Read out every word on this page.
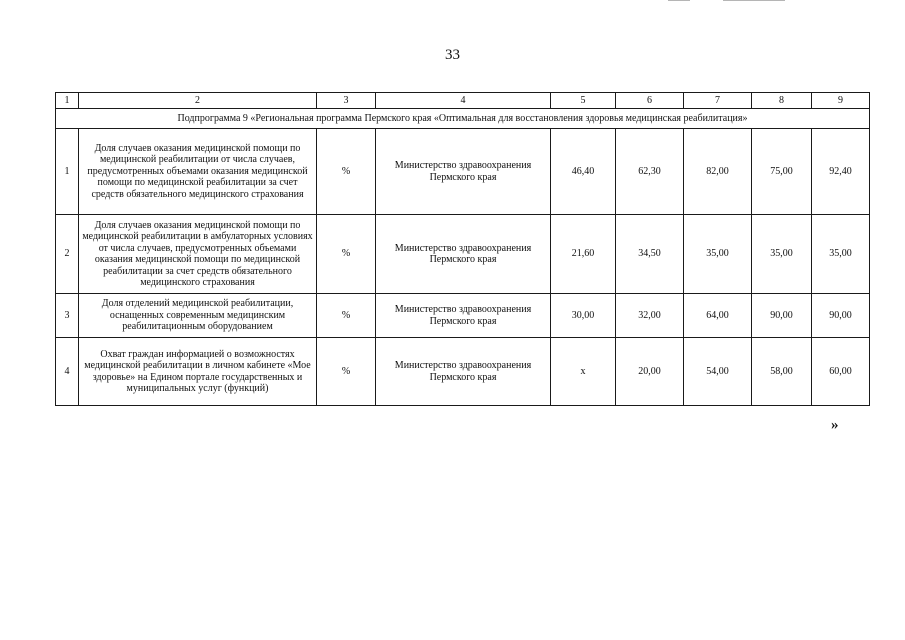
33
1	2	3	4	5	6	7	8	9
Подпрограмма 9 «Региональная программа Пермского края «Оптимальная для восстановления здоровья медицинская реабилитация»								
1	Доля случаев оказания медицинской помощи по медицинской реабилитации от числа случаев, предусмотренных объемами оказания медицинской помощи по медицинской реабилитации за счет средств обязательного медицинского страхования	%	Министерство здравоохранения Пермского края	46,40	62,30	82,00	75,00	92,40
2	Доля случаев оказания медицинской помощи по медицинской реабилитации в амбулаторных условиях от числа случаев, предусмотренных объемами оказания медицинской помощи по медицинской реабилитации за счет средств обязательного медицинского страхования	%	Министерство здравоохранения Пермского края	21,60	34,50	35,00	35,00	35,00
3	Доля отделений медицинской реабилитации, оснащенных современным медицинским реабилитационным оборудованием	%	Министерство здравоохранения Пермского края	30,00	32,00	64,00	90,00	90,00
4	Охват граждан информацией о возможностях медицинской реабилитации в личном кабинете «Мое здоровье» на Едином портале государственных и муниципальных услуг (функций)	%	Министерство здравоохранения Пермского края	x	20,00	54,00	58,00	60,00
»
